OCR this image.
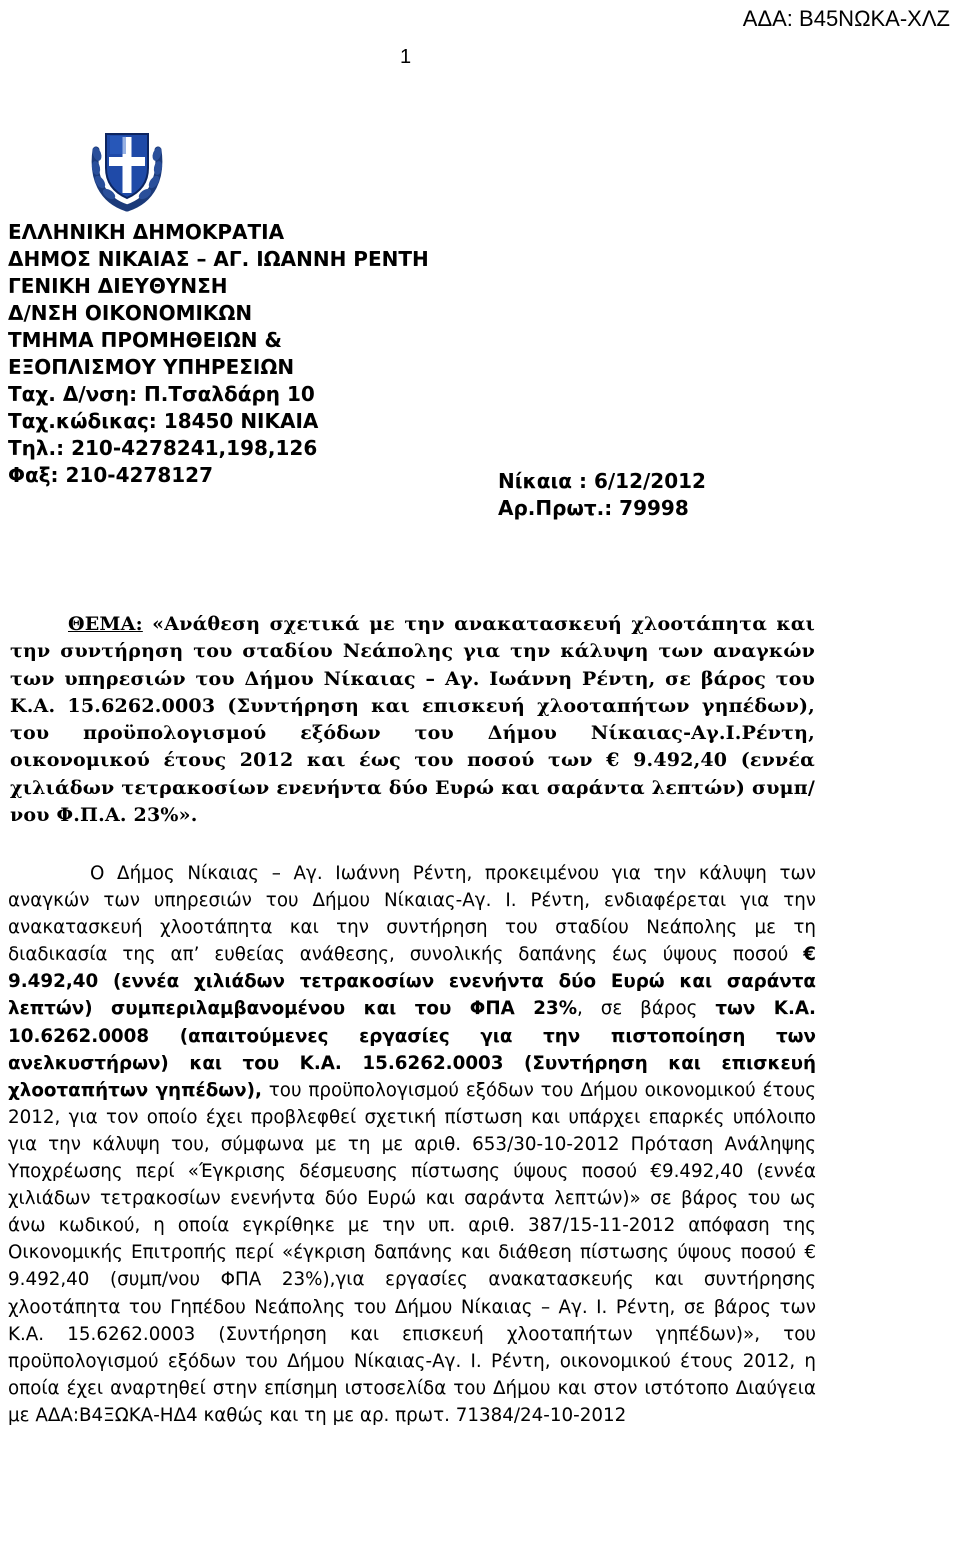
ΑΔΑ: Β45ΝΩΚΑ-ΧΛΖ
1
ΕΛΛΗΝΙΚΗ ΔΗΜΟΚΡΑΤΙΑ
ΔΗΜΟΣ ΝΙΚΑΙΑΣ – ΑΓ. ΙΩΑΝΝΗ ΡΕΝΤΗ
ΓΕΝΙΚΗ ΔΙΕΥΘΥΝΣΗ
Δ/ΝΣΗ ΟΙΚΟΝΟΜΙΚΩΝ
ΤΜΗΜΑ ΠΡΟΜΗΘΕΙΩΝ &
ΕΞΟΠΛΙΣΜΟΥ ΥΠΗΡΕΣΙΩΝ
Ταχ. Δ/νση: Π.Τσαλδάρη 10
Ταχ.κώδικας: 18450 ΝΙΚΑΙΑ
Τηλ.: 210-4278241,198,126
Φαξ: 210-4278127	Νίκαια : 6/12/2012
Αρ.Πρωτ.: 79998
ΘΕΜΑ: «Ανάθεση σχετικά με την ανακατασκευή χλοοτάπητα και την συντήρηση του σταδίου Νεάπολης για την κάλυψη των αναγκών των υπηρεσιών του Δήμου Νίκαιας – Αγ. Ιωάννη Ρέντη, σε βάρος του Κ.Α. 15.6262.0003 (Συντήρηση και επισκευή χλοοταπήτων γηπέδων), του προϋπολογισμού εξόδων του Δήμου Νίκαιας-Αγ.Ι.Ρέντη, οικονομικού έτους 2012 και έως του ποσού των € 9.492,40 (εννέα χιλιάδων τετρακοσίων ενενήντα δύο Ευρώ και σαράντα λεπτών) συμπ/νου Φ.Π.Α. 23%».
Ο Δήμος Νίκαιας – Αγ. Ιωάννη Ρέντη, προκειμένου για την κάλυψη των αναγκών των υπηρεσιών του Δήμου Νίκαιας-Αγ. Ι. Ρέντη, ενδιαφέρεται για την ανακατασκευή χλοοτάπητα και την συντήρηση του σταδίου Νεάπολης με τη διαδικασία της απ’ ευθείας ανάθεσης, συνολικής δαπάνης έως ύψους ποσού € 9.492,40 (εννέα χιλιάδων τετρακοσίων ενενήντα δύο Ευρώ και σαράντα λεπτών) συμπεριλαμβανομένου και του ΦΠΑ 23%, σε βάρος των Κ.Α. 10.6262.0008 (απαιτούμενες εργασίες για την πιστοποίηση των ανελκυστήρων) και του Κ.Α. 15.6262.0003 (Συντήρηση και επισκευή χλοοταπήτων γηπέδων), του προϋπολογισμού εξόδων του Δήμου οικονομικού έτους 2012, για τον οποίο έχει προβλεφθεί σχετική πίστωση και υπάρχει επαρκές υπόλοιπο για την κάλυψη του, σύμφωνα με τη με αριθ. 653/30-10-2012 Πρόταση Ανάληψης Υποχρέωσης περί «Έγκρισης δέσμευσης πίστωσης ύψους ποσού €9.492,40 (εννέα χιλιάδων τετρακοσίων ενενήντα δύο Ευρώ και σαράντα λεπτών)» σε βάρος του ως άνω κωδικού, η οποία εγκρίθηκε με την υπ. αριθ. 387/15-11-2012 απόφαση της Οικονομικής Επιτροπής περί «έγκριση δαπάνης και διάθεση πίστωσης ύψους ποσού € 9.492,40 (συμπ/νου ΦΠΑ 23%),για εργασίες ανακατασκευής και συντήρησης χλοοτάπητα του Γηπέδου Νεάπολης του Δήμου Νίκαιας – Αγ. Ι. Ρέντη, σε βάρος των Κ.Α. 15.6262.0003 (Συντήρηση και επισκευή χλοοταπήτων γηπέδων)», του προϋπολογισμού εξόδων του Δήμου Νίκαιας-Αγ. Ι. Ρέντη, οικονομικού έτους 2012, η οποία έχει αναρτηθεί στην επίσημη ιστοσελίδα του Δήμου και στον ιστότοπο Διαύγεια με ΑΔΑ:Β4ΞΩΚΑ-ΗΔ4 καθώς και τη με αρ. πρωτ. 71384/24-10-2012
